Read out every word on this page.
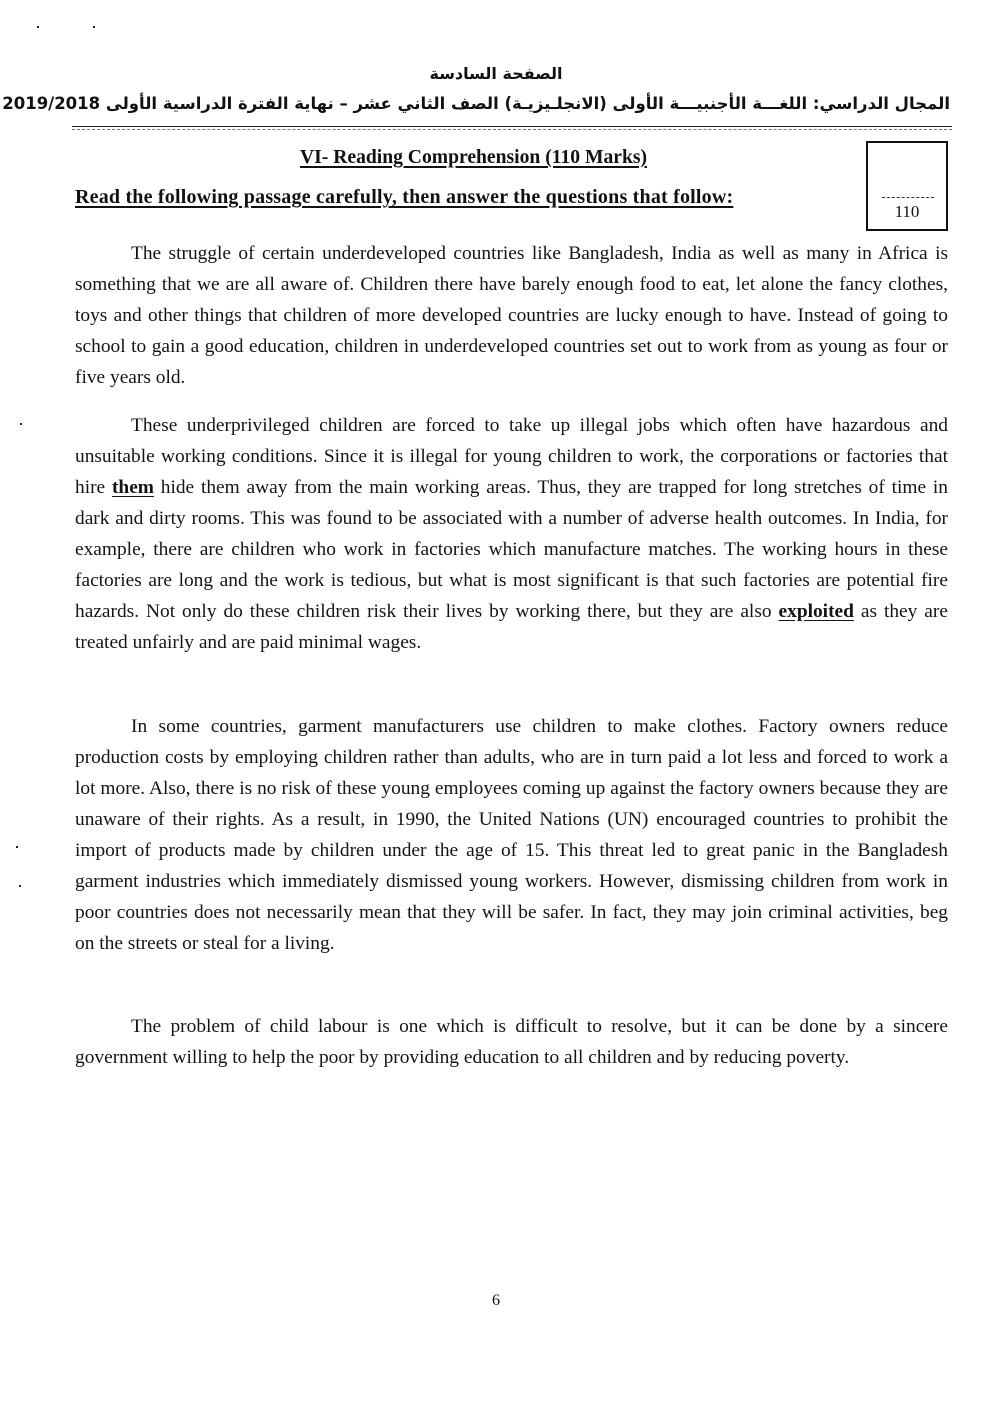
الصفحة السادسة
المجال الدراسي: اللغـــة الأجنبيـــة الأولى (الانجلـيزيـة) الصف الثاني عشر – نهاية الفترة الدراسية الأولى 2019/2018
VI- Reading Comprehension (110 Marks)
Read the following passage carefully, then answer the questions that follow:
110
The struggle of certain underdeveloped countries like Bangladesh, India as well as many in Africa is something that we are all aware of. Children there have barely enough food to eat, let alone the fancy clothes, toys and other things that children of more developed countries are lucky enough to have. Instead of going to school to gain a good education, children in underdeveloped countries set out to work from as young as four or five years old.
These underprivileged children are forced to take up illegal jobs which often have hazardous and unsuitable working conditions. Since it is illegal for young children to work, the corporations or factories that hire them hide them away from the main working areas. Thus, they are trapped for long stretches of time in dark and dirty rooms. This was found to be associated with a number of adverse health outcomes. In India, for example, there are children who work in factories which manufacture matches. The working hours in these factories are long and the work is tedious, but what is most significant is that such factories are potential fire hazards. Not only do these children risk their lives by working there, but they are also exploited as they are treated unfairly and are paid minimal wages.
In some countries, garment manufacturers use children to make clothes. Factory owners reduce production costs by employing children rather than adults, who are in turn paid a lot less and forced to work a lot more. Also, there is no risk of these young employees coming up against the factory owners because they are unaware of their rights. As a result, in 1990, the United Nations (UN) encouraged countries to prohibit the import of products made by children under the age of 15. This threat led to great panic in the Bangladesh garment industries which immediately dismissed young workers. However, dismissing children from work in poor countries does not necessarily mean that they will be safer. In fact, they may join criminal activities, beg on the streets or steal for a living.
The problem of child labour is one which is difficult to resolve, but it can be done by a sincere government willing to help the poor by providing education to all children and by reducing poverty.
6
